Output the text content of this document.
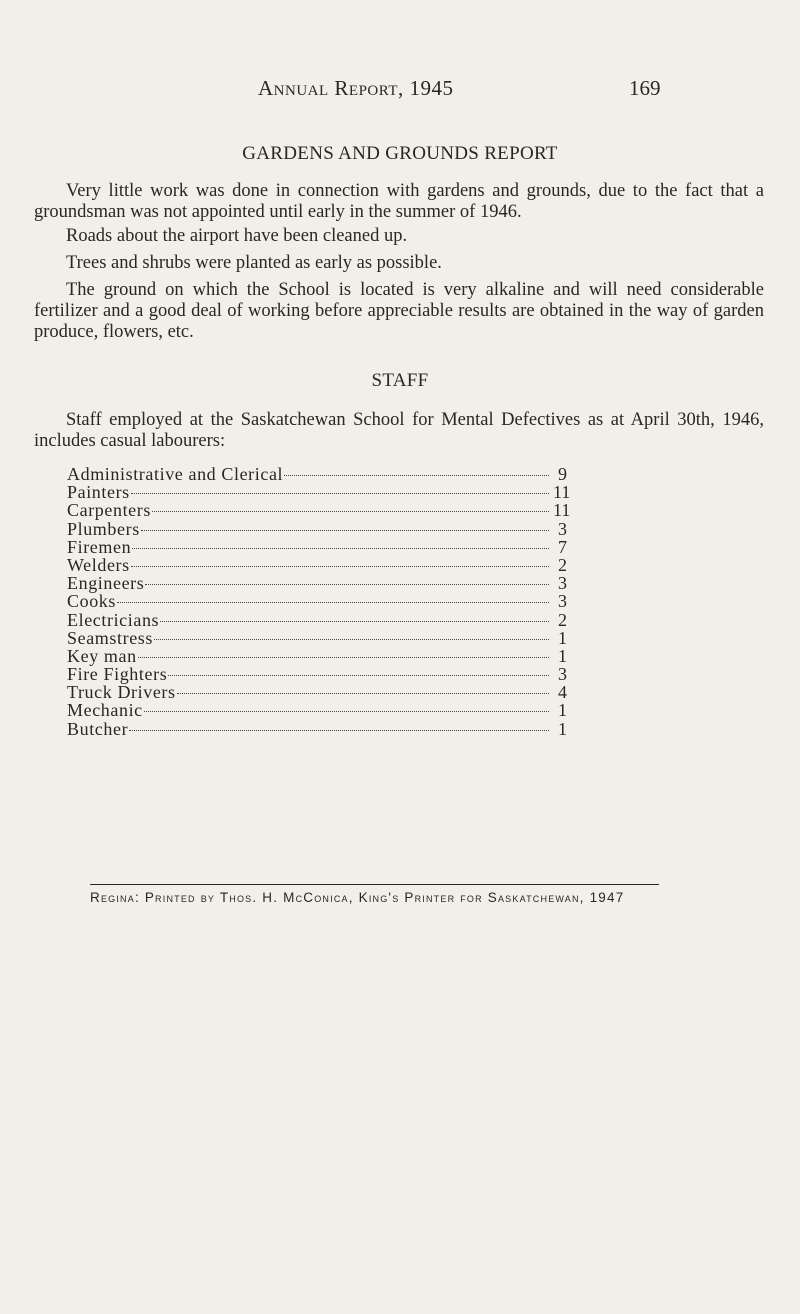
Annual Report, 1945	169
GARDENS AND GROUNDS REPORT

Very little work was done in connection with gardens and grounds, due to the fact that a groundsman was not appointed until early in the summer of 1946.

Roads about the airport have been cleaned up.

Trees and shrubs were planted as early as possible.

The ground on which the School is located is very alkaline and will need considerable fertilizer and a good deal of working before appreciable results are obtained in the way of garden produce, flowers, etc.

STAFF

Staff employed at the Saskatchewan School for Mental Defectives as at April 30th, 1946, includes casual labourers:

Administrative and Clerical	9
Painters	11
Carpenters	11
Plumbers	3
Firemen	7
Welders	2
Engineers	3
Cooks	3
Electricians	2
Seamstress	1
Key man	1
Fire Fighters	3
Truck Drivers	4
Mechanic	1
Butcher	1
Regina: Printed by Thos. H. McConica, King's Printer for Saskatchewan, 1947
